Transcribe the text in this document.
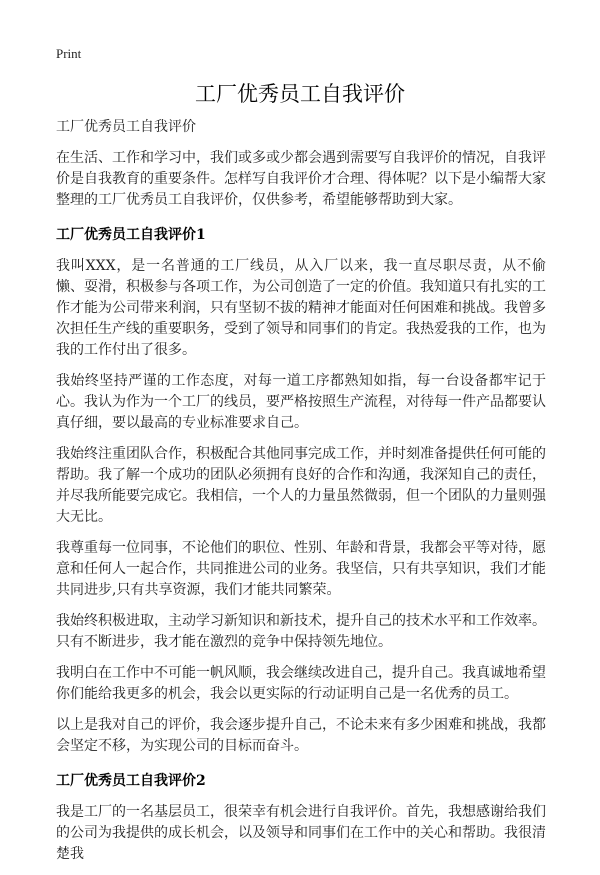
Print
工厂优秀员工自我评价
工厂优秀员工自我评价

在生活、工作和学习中，我们或多或少都会遇到需要写自我评价的情况，自我评价是自我教育的重要条件。怎样写自我评价才合理、得体呢？以下是小编帮大家整理的工厂优秀员工自我评价，仅供参考，希望能够帮助到大家。

工厂优秀员工自我评价1

我叫XXX，是一名普通的工厂线员，从入厂以来，我一直尽职尽责，从不偷懒、耍滑，积极参与各项工作，为公司创造了一定的价值。我知道只有扎实的工作才能为公司带来利润，只有坚韧不拔的精神才能面对任何困难和挑战。我曾多次担任生产线的重要职务，受到了领导和同事们的肯定。我热爱我的工作，也为我的工作付出了很多。

我始终坚持严谨的工作态度，对每一道工序都熟知如指，每一台设备都牢记于心。我认为作为一个工厂的线员，要严格按照生产流程，对待每一件产品都要认真仔细，要以最高的专业标准要求自己。

我始终注重团队合作，积极配合其他同事完成工作，并时刻准备提供任何可能的帮助。我了解一个成功的团队必须拥有良好的合作和沟通，我深知自己的责任，并尽我所能要完成它。我相信，一个人的力量虽然微弱，但一个团队的力量则强大无比。

我尊重每一位同事，不论他们的职位、性别、年龄和背景，我都会平等对待，愿意和任何人一起合作，共同推进公司的业务。我坚信，只有共享知识，我们才能共同进步,只有共享资源，我们才能共同繁荣。

我始终积极进取，主动学习新知识和新技术，提升自己的技术水平和工作效率。只有不断进步，我才能在激烈的竞争中保持领先地位。

我明白在工作中不可能一帆风顺，我会继续改进自己，提升自己。我真诚地希望你们能给我更多的机会，我会以更实际的行动证明自己是一名优秀的员工。

以上是我对自己的评价，我会逐步提升自己，不论未来有多少困难和挑战，我都会坚定不移，为实现公司的目标而奋斗。

工厂优秀员工自我评价2

我是工厂的一名基层员工，很荣幸有机会进行自我评价。首先，我想感谢给我们的公司为我提供的成长机会，以及领导和同事们在工作中的关心和帮助。我很清楚我
